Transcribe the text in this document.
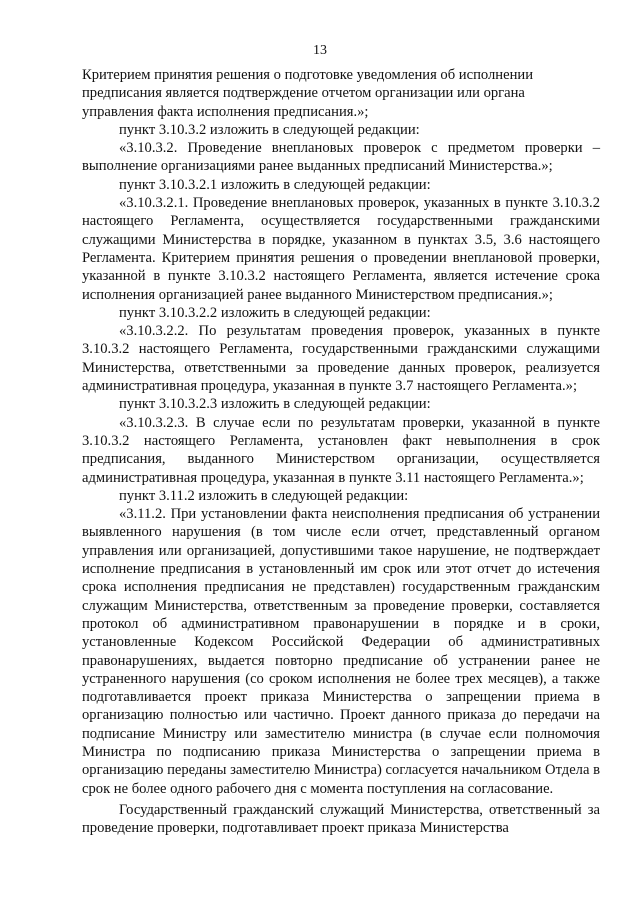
13

Критерием принятия решения о подготовке уведомления об исполнении предписания является подтверждение отчетом организации или органа управления факта исполнения предписания.»;

пункт 3.10.3.2 изложить в следующей редакции:

«3.10.3.2. Проведение внеплановых проверок с предметом проверки – выполнение организациями ранее выданных предписаний Министерства.»;

пункт 3.10.3.2.1 изложить в следующей редакции:

«3.10.3.2.1. Проведение внеплановых проверок, указанных в пункте 3.10.3.2 настоящего Регламента, осуществляется государственными гражданскими служащими Министерства в порядке, указанном в пунктах 3.5, 3.6 настоящего Регламента. Критерием принятия решения о проведении внеплановой проверки, указанной в пункте 3.10.3.2 настоящего Регламента, является истечение срока исполнения организацией ранее выданного Министерством предписания.»;

пункт 3.10.3.2.2 изложить в следующей редакции:

«3.10.3.2.2. По результатам проведения проверок, указанных в пункте 3.10.3.2 настоящего Регламента, государственными гражданскими служащими Министерства, ответственными за проведение данных проверок, реализуется административная процедура, указанная в пункте 3.7 настоящего Регламента.»;

пункт 3.10.3.2.3 изложить в следующей редакции:

«3.10.3.2.3. В случае если по результатам проверки, указанной в пункте 3.10.3.2 настоящего Регламента, установлен факт невыполнения в срок предписания, выданного Министерством организации, осуществляется административная процедура, указанная в пункте 3.11 настоящего Регламента.»;

пункт 3.11.2 изложить в следующей редакции:

«3.11.2. При установлении факта неисполнения предписания об устранении выявленного нарушения (в том числе если отчет, представленный органом управления или организацией, допустившими такое нарушение, не подтверждает исполнение предписания в установленный им срок или этот отчет до истечения срока исполнения предписания не представлен) государственным гражданским служащим Министерства, ответственным за проведение проверки, составляется протокол об административном правонарушении в порядке и в сроки, установленные Кодексом Российской Федерации об административных правонарушениях, выдается повторно предписание об устранении ранее не устраненного нарушения (со сроком исполнения не более трех месяцев), а также подготавливается проект приказа Министерства о запрещении приема в организацию полностью или частично. Проект данного приказа до передачи на подписание Министру или заместителю министра (в случае если полномочия Министра по подписанию приказа Министерства о запрещении приема в организацию переданы заместителю Министра) согласуется начальником Отдела в срок не более одного рабочего дня с момента поступления на согласование.

Государственный гражданский служащий Министерства, ответственный за проведение проверки, подготавливает проект приказа Министерства
